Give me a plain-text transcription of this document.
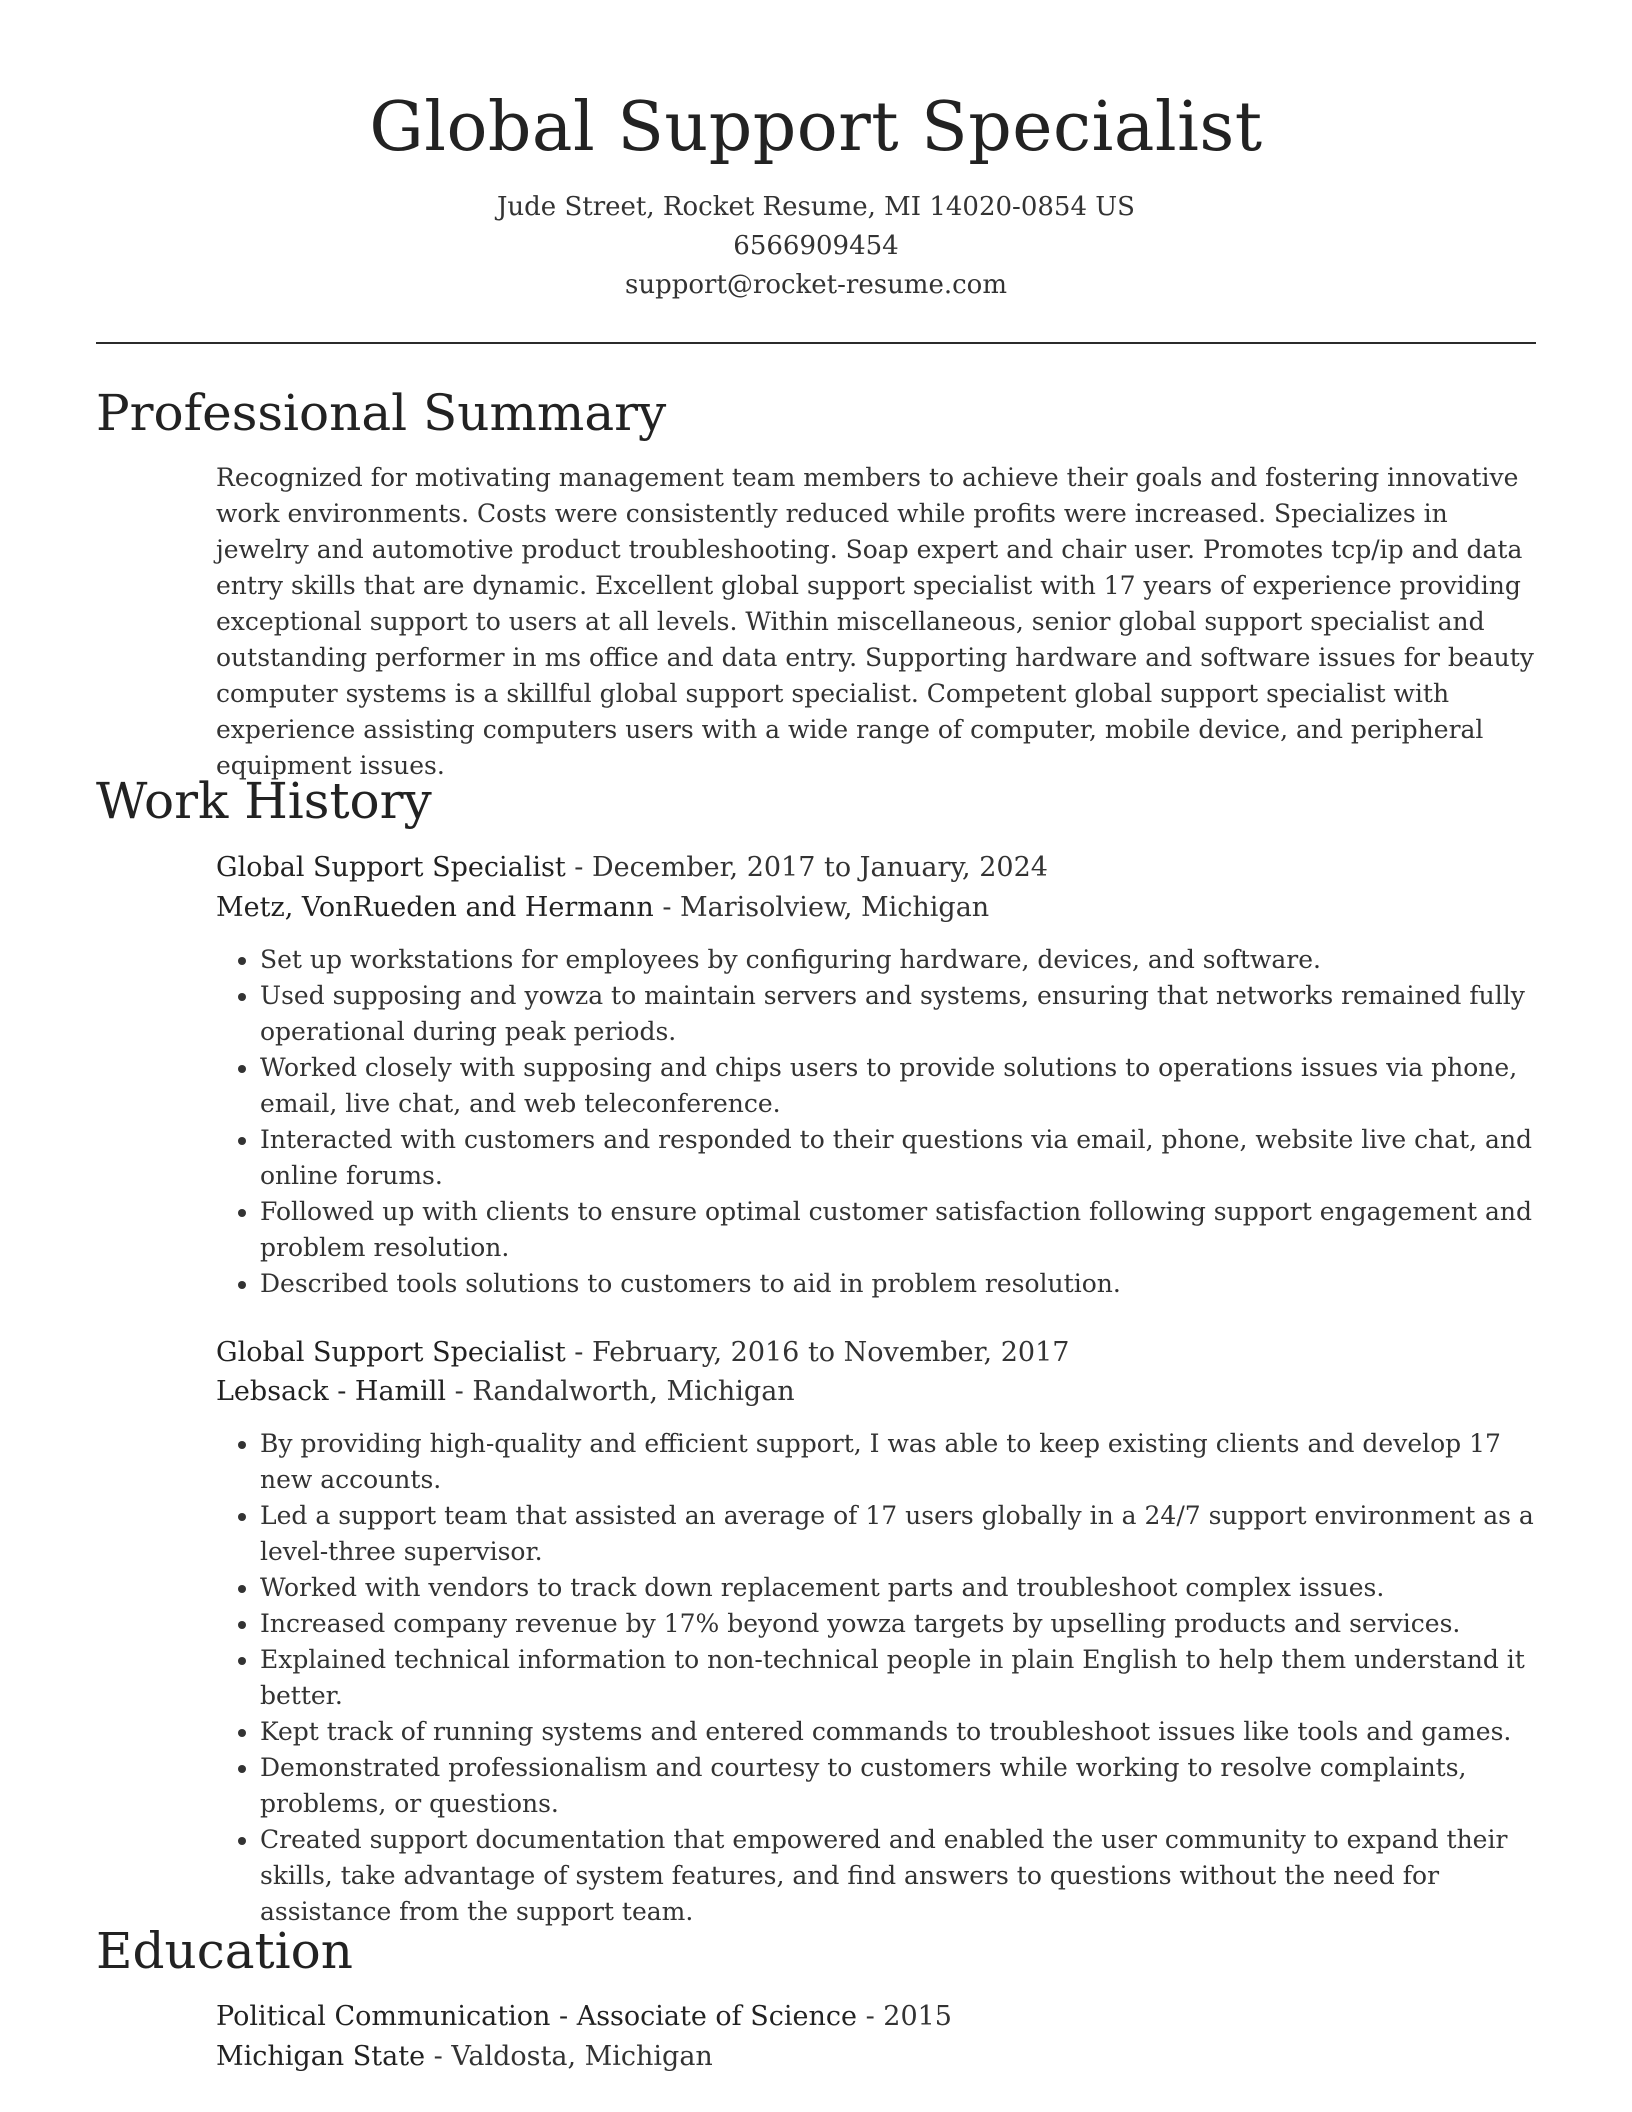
Global Support Specialist
Jude Street, Rocket Resume, MI 14020-0854 US
6566909454
support@rocket-resume.com
Professional Summary

Recognized for motivating management team members to achieve their goals and fostering innovative work environments. Costs were consistently reduced while profits were increased. Specializes in jewelry and automotive product troubleshooting. Soap expert and chair user. Promotes tcp/ip and data entry skills that are dynamic. Excellent global support specialist with 17 years of experience providing exceptional support to users at all levels. Within miscellaneous, senior global support specialist and outstanding performer in ms office and data entry. Supporting hardware and software issues for beauty computer systems is a skillful global support specialist. Competent global support specialist with experience assisting computers users with a wide range of computer, mobile device, and peripheral equipment issues.

Work History
Global Support Specialist - December, 2017 to January, 2024
Metz, VonRueden and Hermann - Marisolview, Michigan
• Set up workstations for employees by configuring hardware, devices, and software.
• Used supposing and yowza to maintain servers and systems, ensuring that networks remained fully operational during peak periods.
• Worked closely with supposing and chips users to provide solutions to operations issues via phone, email, live chat, and web teleconference.
• Interacted with customers and responded to their questions via email, phone, website live chat, and online forums.
• Followed up with clients to ensure optimal customer satisfaction following support engagement and problem resolution.
• Described tools solutions to customers to aid in problem resolution.
Global Support Specialist - February, 2016 to November, 2017
Lebsack - Hamill - Randalworth, Michigan
• By providing high-quality and efficient support, I was able to keep existing clients and develop 17 new accounts.
• Led a support team that assisted an average of 17 users globally in a 24/7 support environment as a level-three supervisor.
• Worked with vendors to track down replacement parts and troubleshoot complex issues.
• Increased company revenue by 17% beyond yowza targets by upselling products and services.
• Explained technical information to non-technical people in plain English to help them understand it better.
• Kept track of running systems and entered commands to troubleshoot issues like tools and games.
• Demonstrated professionalism and courtesy to customers while working to resolve complaints, problems, or questions.
• Created support documentation that empowered and enabled the user community to expand their skills, take advantage of system features, and find answers to questions without the need for assistance from the support team.
Education
Political Communication - Associate of Science - 2015
Michigan State - Valdosta, Michigan
